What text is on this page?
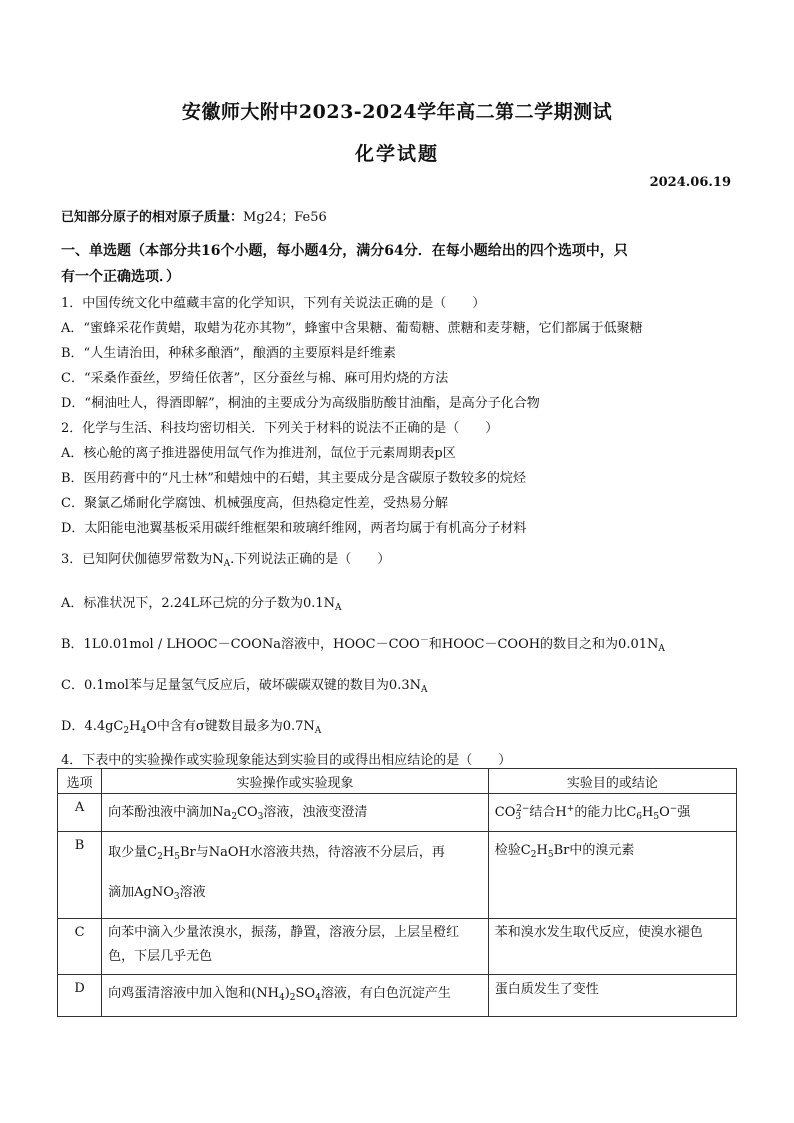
安徽师大附中2023-2024学年高二第二学期测试
化学试题
2024.06.19
已知部分原子的相对原子质量：Mg24；Fe56
一、单选题（本部分共16个小题，每小题4分，满分64分．在每小题给出的四个选项中，只
有一个正确选项．）
1．中国传统文化中蕴藏丰富的化学知识，下列有关说法正确的是（　　）
A．“蜜蜂采花作黄蜡，取蜡为花亦其物”，蜂蜜中含果糖、葡萄糖、蔗糖和麦芽糖，它们都属于低聚糖
B．“人生请治田，种秫多酿酒”，酿酒的主要原料是纤维素
C．“采桑作蚕丝，罗绮任依著”，区分蚕丝与棉、麻可用灼烧的方法
D．“桐油吐人，得酒即解”，桐油的主要成分为高级脂肪酸甘油酯，是高分子化合物
2．化学与生活、科技均密切相关．下列关于材料的说法不正确的是（　　）
A．核心舱的离子推进器使用氙气作为推进剂，氙位于元素周期表p区
B．医用药膏中的“凡士林”和蜡烛中的石蜡，其主要成分是含碳原子数较多的烷烃
C．聚氯乙烯耐化学腐蚀、机械强度高，但热稳定性差，受热易分解
D．太阳能电池翼基板采用碳纤维框架和玻璃纤维网，两者均属于有机高分子材料
3．已知阿伏伽德罗常数为$N_A$.下列说法正确的是（　　）
A．标准状况下，2.24L环己烷的分子数为$0.1N_A$
B．1L0.01mol / LHOOC－COONa溶液中，HOOC－COO－和HOOC－COOH的数目之和为$0.01N_A$
C．0.1mol苯与足量氢气反应后，破坏碳碳双键的数目为$0.3N_A$
D．$4.4gC_2H_4O$中含有σ键数目最多为$0.7N_A$
4．下表中的实验操作或实验现象能达到实验目的或得出相应结论的是（　　）
选项	实验操作或实验现象	实验目的或结论
A	向苯酚浊液中滴加$Na_2CO_3$溶液，浊液变澄清	$CO_3^{2-}$结合H+的能力比$C_6H_5O^-$强

B	取少量$C_2H_5Br$与NaOH水溶液共热，待溶液不分层后，再
滴加AgNO$_3$溶液	检验$C_2H_5Br$中的溴元素

C	向苯中滴入少量浓溴水，振荡，静置，溶液分层，上层呈橙红
色，下层几乎无色	苯和溴水发生取代反应，使溴水褪色

D	向鸡蛋清溶液中加入饱和$(NH_4)_2SO_4$溶液，有白色沉淀产生	蛋白质发生了变性
